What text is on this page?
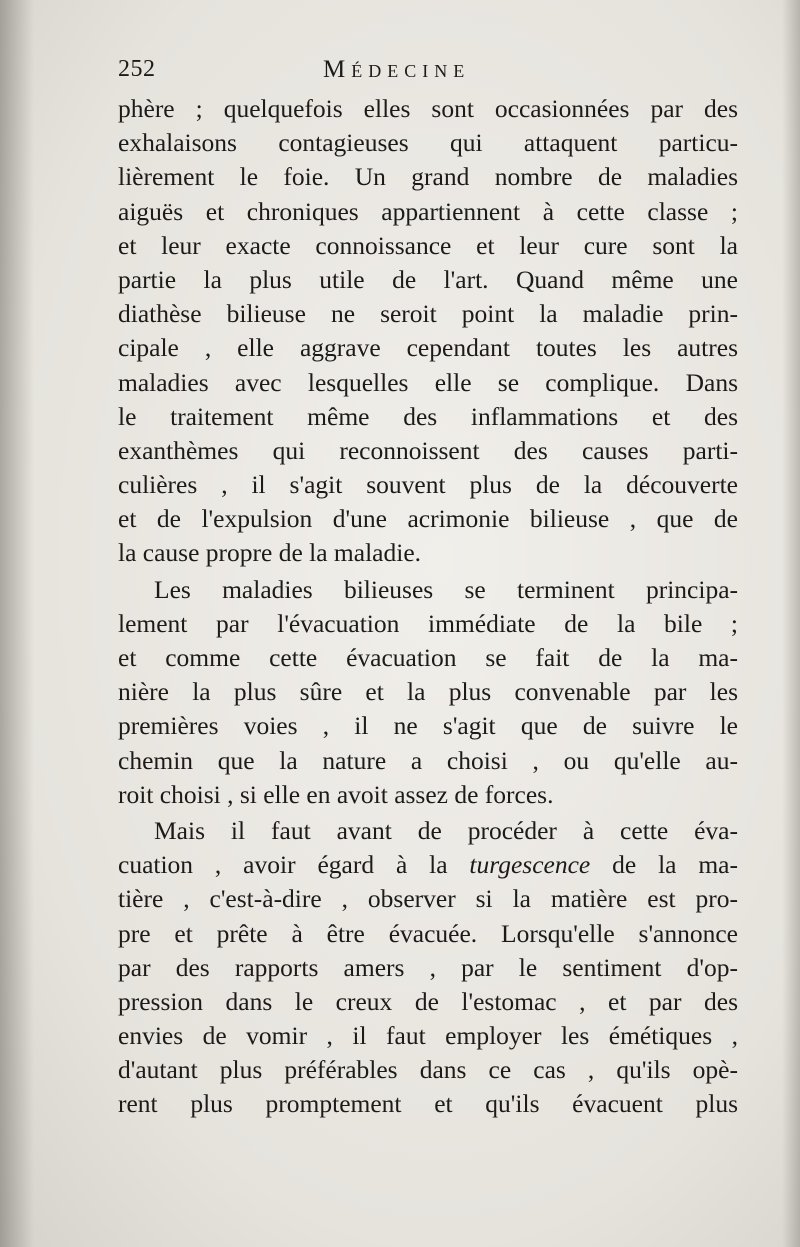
252	Médecine
phère ; quelquefois elles sont occasionnées par des
exhalaisons contagieuses qui attaquent particu-
lièrement le foie. Un grand nombre de maladies
aiguës et chroniques appartiennent à cette classe ;
et leur exacte connoissance et leur cure sont la
partie la plus utile de l'art. Quand même une
diathèse bilieuse ne seroit point la maladie prin-
cipale , elle aggrave cependant toutes les autres
maladies avec lesquelles elle se complique. Dans
le traitement même des inflammations et des
exanthèmes qui reconnoissent des causes parti-
culières , il s'agit souvent plus de la découverte
et de l'expulsion d'une acrimonie bilieuse , que de
la cause propre de la maladie.
Les maladies bilieuses se terminent principa-
lement par l'évacuation immédiate de la bile ;
et comme cette évacuation se fait de la ma-
nière la plus sûre et la plus convenable par les
premières voies , il ne s'agit que de suivre le
chemin que la nature a choisi , ou qu'elle au-
roit choisi , si elle en avoit assez de forces.
Mais il faut avant de procéder à cette éva-
cuation , avoir égard à la turgescence de la ma-
tière , c'est-à-dire , observer si la matière est pro-
pre et prête à être évacuée. Lorsqu'elle s'annonce
par des rapports amers , par le sentiment d'op-
pression dans le creux de l'estomac , et par des
envies de vomir , il faut employer les émétiques ,
d'autant plus préférables dans ce cas , qu'ils opè-
rent plus promptement et qu'ils évacuent plus
